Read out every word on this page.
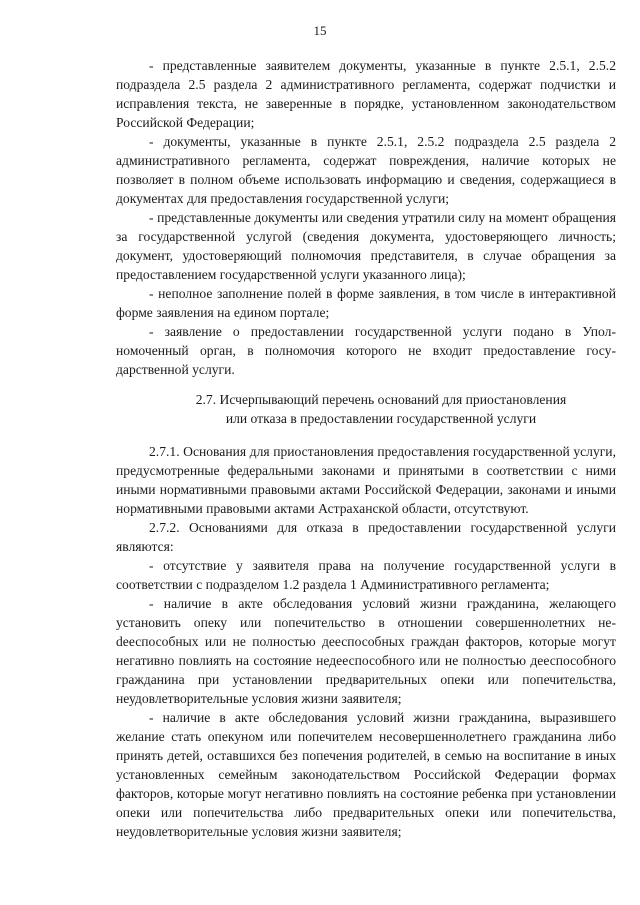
15

- представленные заявителем документы, указанные в пункте 2.5.1, 2.5.2 подраздела 2.5 раздела 2 административного регламента, содержат подчистки и исправления текста, не заверенные в порядке, установленном законодательством Российской Федерации;

- документы, указанные в пункте 2.5.1, 2.5.2 подраздела 2.5 раздела 2 административного регламента, содержат повреждения, наличие которых не позволяет в полном объеме использовать информацию и сведения, содержащиеся в документах для предоставления государственной услуги;

- представленные документы или сведения утратили силу на момент обращения за государственной услугой (сведения документа, удостоверяющего личность; документ, удостоверяющий полномочия представителя, в случае обращения за предоставлением государственной услуги указанного лица);

- неполное заполнение полей в форме заявления, в том числе в интерактивной форме заявления на едином портале;

- заявление о предоставлении государственной услуги подано в Уполномоченный орган, в полномочия которого не входит предоставление государственной услуги.

2.7. Исчерпывающий перечень оснований для приостановления
или отказа в предоставлении государственной услуги

2.7.1. Основания для приостановления предоставления государственной услуги, предусмотренные федеральными законами и принятыми в соответствии с ними иными нормативными правовыми актами Российской Федерации, законами и иными нормативными правовыми актами Астраханской области, отсутствуют.

2.7.2. Основаниями для отказа в предоставлении государственной услуги являются:

- отсутствие у заявителя права на получение государственной услуги в соответствии с подразделом 1.2 раздела 1 Административного регламента;

- наличие в акте обследования условий жизни гражданина, желающего установить опеку или попечительство в отношении совершеннолетних неdееспособных или не полностью дееспособных граждан факторов, которые могут негативно повлиять на состояние недееспособного или не полностью дееспособного гражданина при установлении предварительных опеки или попечительства, неудовлетворительные условия жизни заявителя;

- наличие в акте обследования условий жизни гражданина, выразившего желание стать опекуном или попечителем несовершеннолетнего гражданина либо принять детей, оставшихся без попечения родителей, в семью на воспитание в иных установленных семейным законодательством Российской Федерации формах факторов, которые могут негативно повлиять на состояние ребенка при установлении опеки или попечительства либо предварительных опеки или попечительства, неудовлетворительные условия жизни заявителя;
